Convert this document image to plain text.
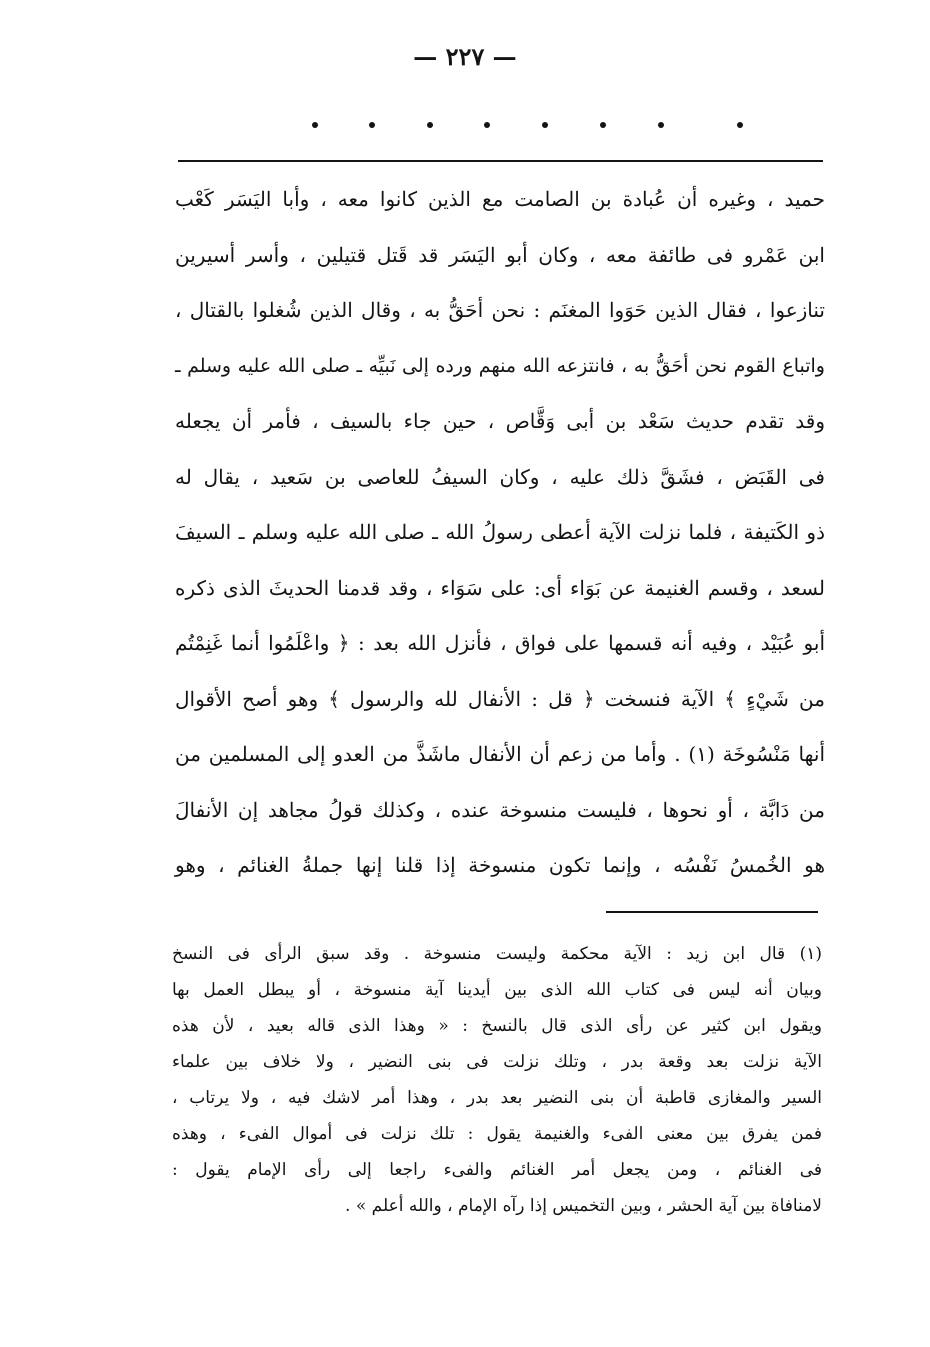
— ٢٢٧ —
حميد ، وغيره أن عُبادة بن الصامت مع الذين كانوا معه ، وأبا اليَسَر كَعْب
ابن عَمْرو فى طائفة معه ، وكان أبو اليَسَر قد قَتل قتيلين ، وأسر أسيرين
تنازعوا ، فقال الذين حَوَوا المغنَم : نحن أحَقُّ به ، وقال الذين شُغلوا بالقتال ،
واتباع القوم نحن أحَقُّ به ، فانتزعه الله منهم ورده إلى نَبيِّه ـ صلى الله عليه وسلم ـ
وقد تقدم حديث سَعْد بن أبى وَقَّاص ، حين جاء بالسيف ، فأمر أن يجعله
فى القَبَض ، فشَقَّ ذلك عليه ، وكان السيفُ للعاصى بن سَعيد ، يقال له
ذو الكَتيفة ، فلما نزلت الآية أعطى رسولُ الله ـ صلى الله عليه وسلم ـ السيفَ
لسعد ، وقسم الغنيمة عن بَوَاء أى: على سَوَاء ، وقد قدمنا الحديثَ الذى ذكره
أبو عُبَيْد ، وفيه أنه قسمها على فواق ، فأنزل الله بعد : ﴿ واعْلَمُوا أنما غَنِمْتُم
من شَيْءٍ ﴾ الآية فنسخت ﴿ قل : الأنفال لله والرسول ﴾ وهو أصح الأقوال
أنها مَنْسُوخَة (١) . وأما من زعم أن الأنفال ماشَذَّ من العدو إلى المسلمين من
من دَابَّة ، أو نحوها ، فليست منسوخة عنده ، وكذلك قولُ مجاهد إن الأنفالَ
هو الخُمسُ نَفْسُه ، وإنما تكون منسوخة إذا قلنا إنها جملةُ الغنائم ، وهو
(١) قال ابن زيد : الآية محكمة وليست منسوخة . وقد سبق الرأى فى النسخ
وبيان أنه ليس فى كتاب الله الذى بين أيدينا آية منسوخة ، أو يبطل العمل بها
ويقول ابن كثير عن رأى الذى قال بالنسخ : « وهذا الذى قاله بعيد ، لأن هذه
الآية نزلت بعد وقعة بدر ، وتلك نزلت فى بنى النضير ، ولا خلاف بين علماء
السير والمغازى قاطبة أن بنى النضير بعد بدر ، وهذا أمر لاشك فيه ، ولا يرتاب ،
فمن يفرق بين معنى الفىء والغنيمة يقول : تلك نزلت فى أموال الفىء ، وهذه
فى الغنائم ، ومن يجعل أمر الغنائم والفىء راجعا إلى رأى الإمام يقول :
لامنافاة بين آية الحشر ، وبين التخميس إذا رآه الإمام ، والله أعلم » .
